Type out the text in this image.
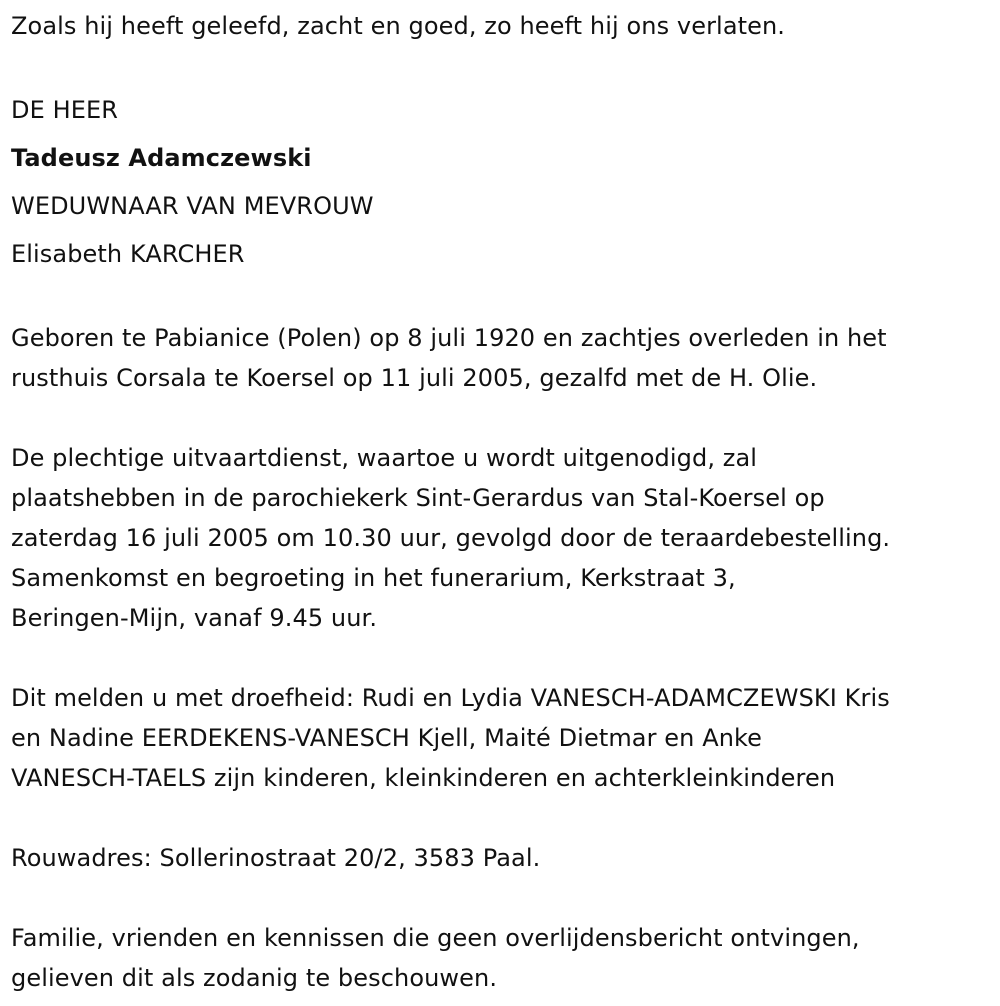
Zoals hij heeft geleefd, zacht en goed, zo heeft hij ons verlaten.

DE HEER
Tadeusz Adamczewski
WEDUWNAAR VAN MEVROUW
Elisabeth KARCHER

Geboren te Pabianice (Polen) op 8 juli 1920 en zachtjes overleden in het
rusthuis Corsala te Koersel op 11 juli 2005, gezalfd met de H. Olie.

De plechtige uitvaartdienst, waartoe u wordt uitgenodigd, zal
plaatshebben in de parochiekerk Sint-Gerardus van Stal-Koersel op
zaterdag 16 juli 2005 om 10.30 uur, gevolgd door de teraardebestelling.
Samenkomst en begroeting in het funerarium, Kerkstraat 3,
Beringen-Mijn, vanaf 9.45 uur.

Dit melden u met droefheid: Rudi en Lydia VANESCH-ADAMCZEWSKI Kris
en Nadine EERDEKENS-VANESCH Kjell, Maité Dietmar en Anke
VANESCH-TAELS zijn kinderen, kleinkinderen en achterkleinkinderen

Rouwadres: Sollerinostraat 20/2, 3583 Paal.

Familie, vrienden en kennissen die geen overlijdensbericht ontvingen,
gelieven dit als zodanig te beschouwen.
